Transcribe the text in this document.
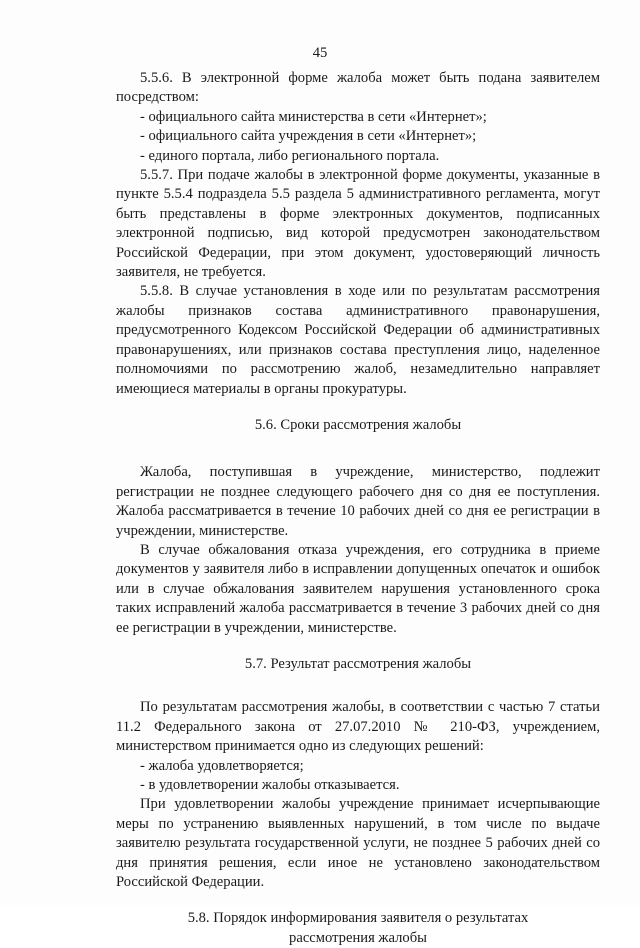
45

5.5.6. В электронной форме жалоба может быть подана заявителем посредством:

- официального сайта министерства в сети «Интернет»;

- официального сайта учреждения в сети «Интернет»;

- единого портала, либо регионального портала.

5.5.7. При подаче жалобы в электронной форме документы, указанные в пункте 5.5.4 подраздела 5.5 раздела 5 административного регламента, могут быть представлены в форме электронных документов, подписанных электронной подписью, вид которой предусмотрен законодательством Российской Федерации, при этом документ, удостоверяющий личность заявителя, не требуется.

5.5.8. В случае установления в ходе или по результатам рассмотрения жалобы признаков состава административного правонарушения, предусмотренного Кодексом Российской Федерации об административных правонарушениях, или признаков состава преступления лицо, наделенное полномочиями по рассмотрению жалоб, незамедлительно направляет имеющиеся материалы в органы прокуратуры.

5.6. Сроки рассмотрения жалобы

Жалоба, поступившая в учреждение, министерство, подлежит регистрации не позднее следующего рабочего дня со дня ее поступления. Жалоба рассматривается в течение 10 рабочих дней со дня ее регистрации в учреждении, министерстве.

В случае обжалования отказа учреждения, его сотрудника в приеме документов у заявителя либо в исправлении допущенных опечаток и ошибок или в случае обжалования заявителем нарушения установленного срока таких исправлений жалоба рассматривается в течение 3 рабочих дней со дня ее регистрации в учреждении, министерстве.

5.7. Результат рассмотрения жалобы

По результатам рассмотрения жалобы, в соответствии с частью 7 статьи 11.2 Федерального закона от 27.07.2010 № 210-ФЗ, учреждением, министерством принимается одно из следующих решений:

- жалоба удовлетворяется;

- в удовлетворении жалобы отказывается.

При удовлетворении жалобы учреждение принимает исчерпывающие меры по устранению выявленных нарушений, в том числе по выдаче заявителю результата государственной услуги, не позднее 5 рабочих дней со дня принятия решения, если иное не установлено законодательством Российской Федерации.

5.8. Порядок информирования заявителя о результатах рассмотрения жалобы
